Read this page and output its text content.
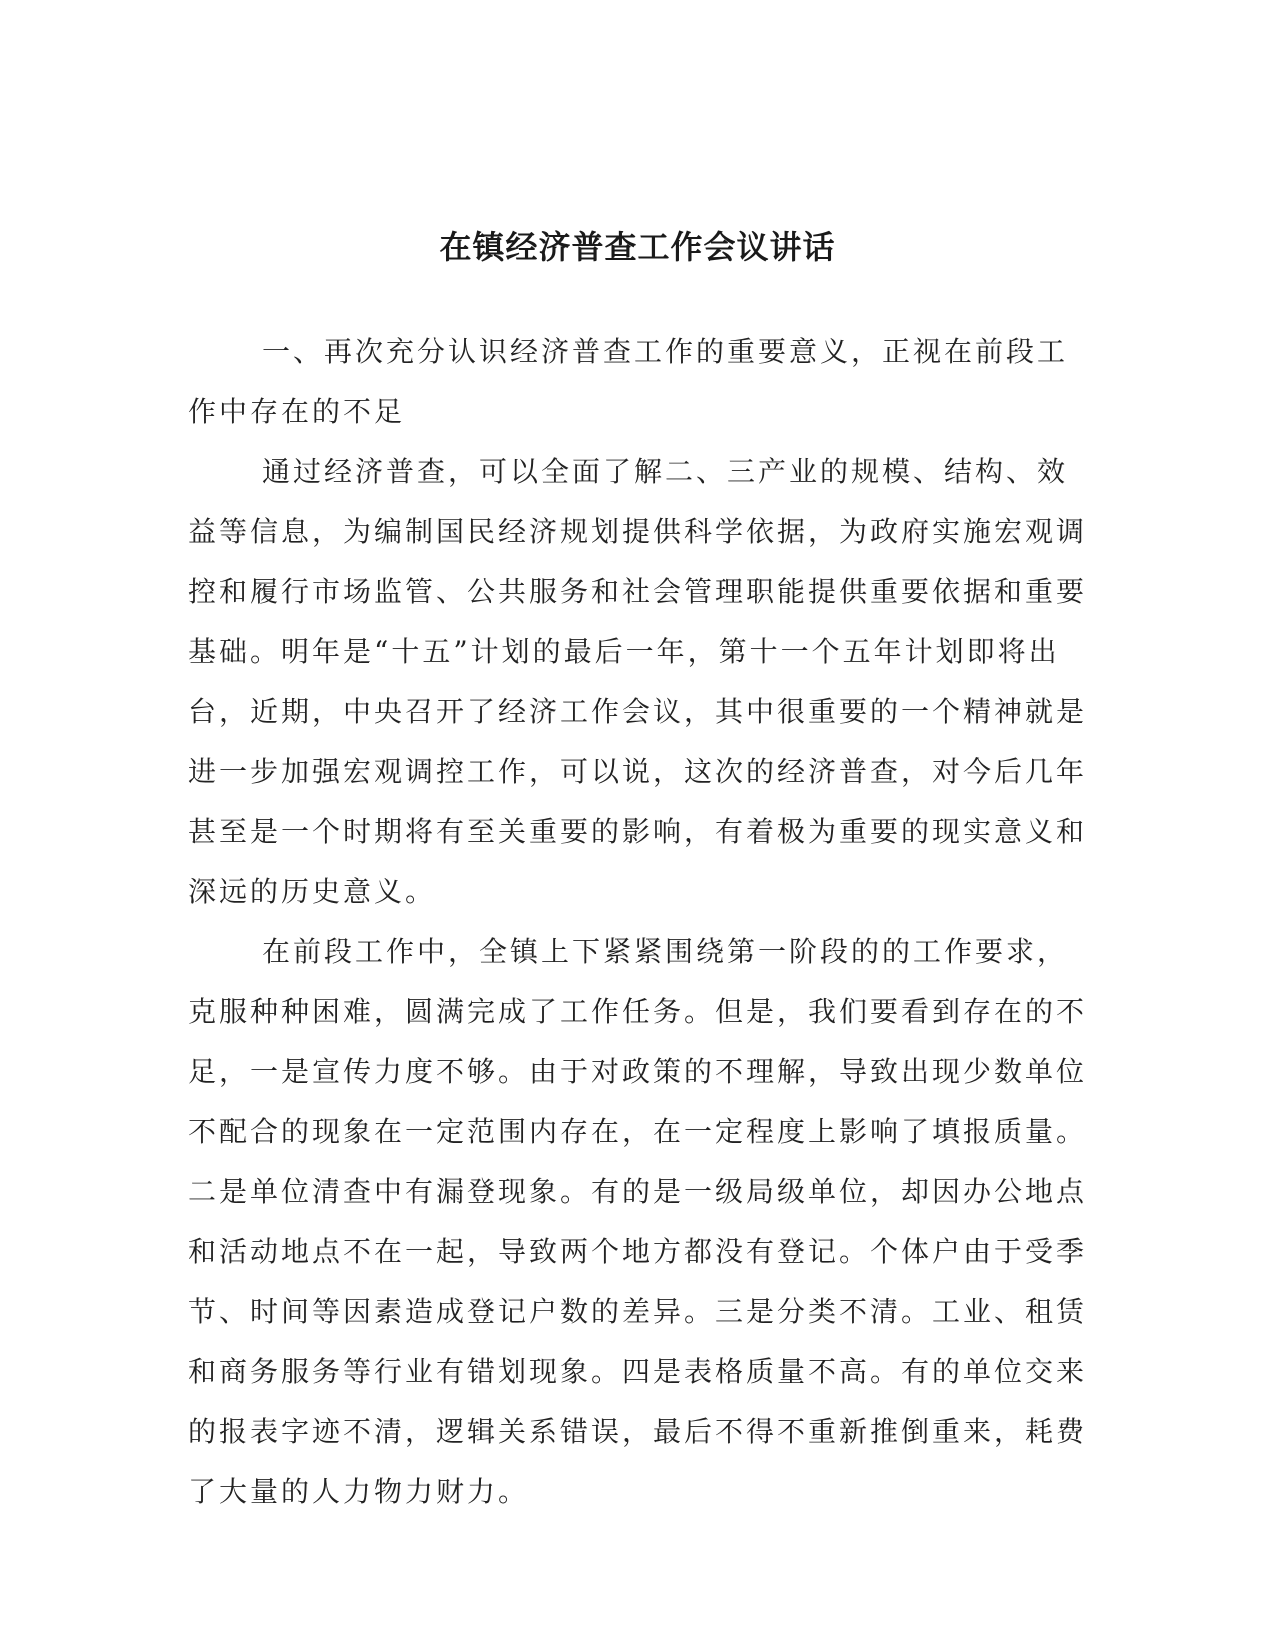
在镇经济普查工作会议讲话

一、再次充分认识经济普查工作的重要意义，正视在前段工作中存在的不足

通过经济普查，可以全面了解二、三产业的规模、结构、效益等信息，为编制国民经济规划提供科学依据，为政府实施宏观调控和履行市场监管、公共服务和社会管理职能提供重要依据和重要基础。明年是“十五”计划的最后一年，第十一个五年计划即将出台，近期，中央召开了经济工作会议，其中很重要的一个精神就是进一步加强宏观调控工作，可以说，这次的经济普查，对今后几年甚至是一个时期将有至关重要的影响，有着极为重要的现实意义和深远的历史意义。

在前段工作中，全镇上下紧紧围绕第一阶段的的工作要求，克服种种困难，圆满完成了工作任务。但是，我们要看到存在的不足，一是宣传力度不够。由于对政策的不理解，导致出现少数单位不配合的现象在一定范围内存在，在一定程度上影响了填报质量。二是单位清查中有漏登现象。有的是一级局级单位，却因办公地点和活动地点不在一起，导致两个地方都没有登记。个体户由于受季节、时间等因素造成登记户数的差异。三是分类不清。工业、租赁和商务服务等行业有错划现象。四是表格质量不高。有的单位交来的报表字迹不清，逻辑关系错误，最后不得不重新推倒重来，耗费了大量的人力物力财力。
